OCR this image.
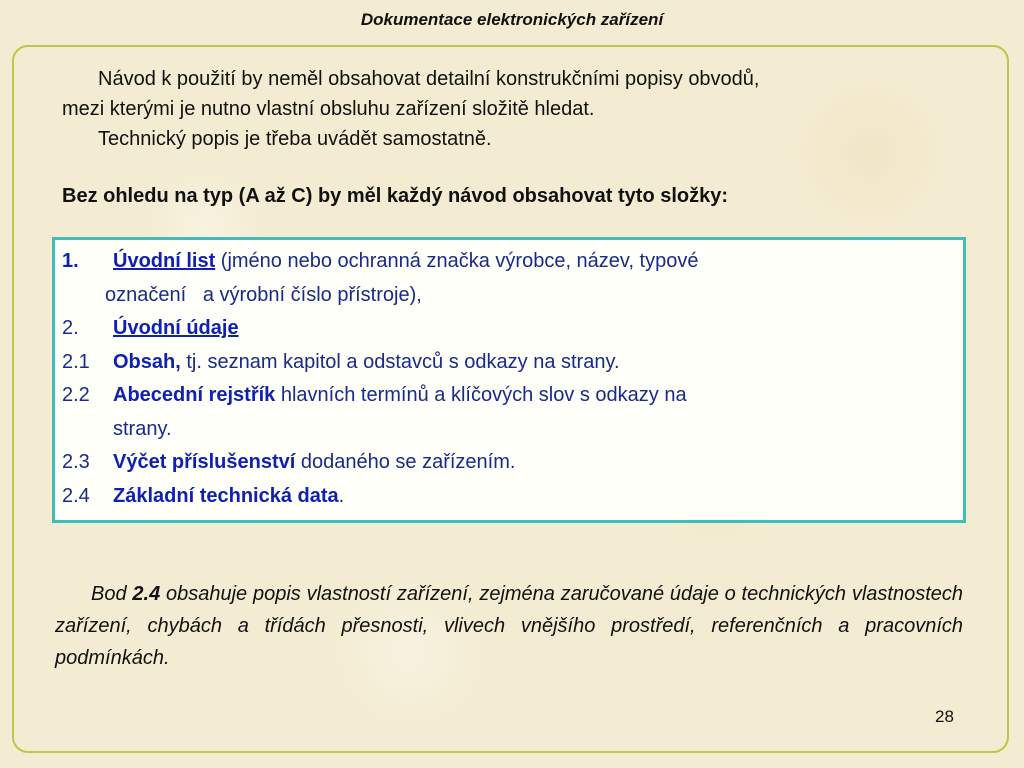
Dokumentace elektronických zařízení

Návod k použití by neměl obsahovat detailní konstrukčními popisy obvodů,

mezi kterými je nutno vlastní obsluhu zařízení složitě hledat.

Technický popis je třeba uvádět samostatně.

Bez ohledu na typ (A až C) by měl každý návod obsahovat tyto složky:
1. Úvodní list (jméno nebo ochranná značka výrobce, název, typové
označení   a výrobní číslo přístroje),
2. Úvodní údaje
2.1 Obsah, tj. seznam kapitol a odstavců s odkazy na strany.
2.2 Abecední rejstřík hlavních termínů a klíčových slov s odkazy na
strany.
2.3 Výčet příslušenství dodaného se zařízením.
2.4 Základní technická data.
Bod 2.4 obsahuje popis vlastností zařízení, zejména zaručované údaje o technických vlastnostech zařízení, chybách a třídách přesnosti, vlivech vnějšího prostředí, referenčních a pracovních podmínkách.
28
